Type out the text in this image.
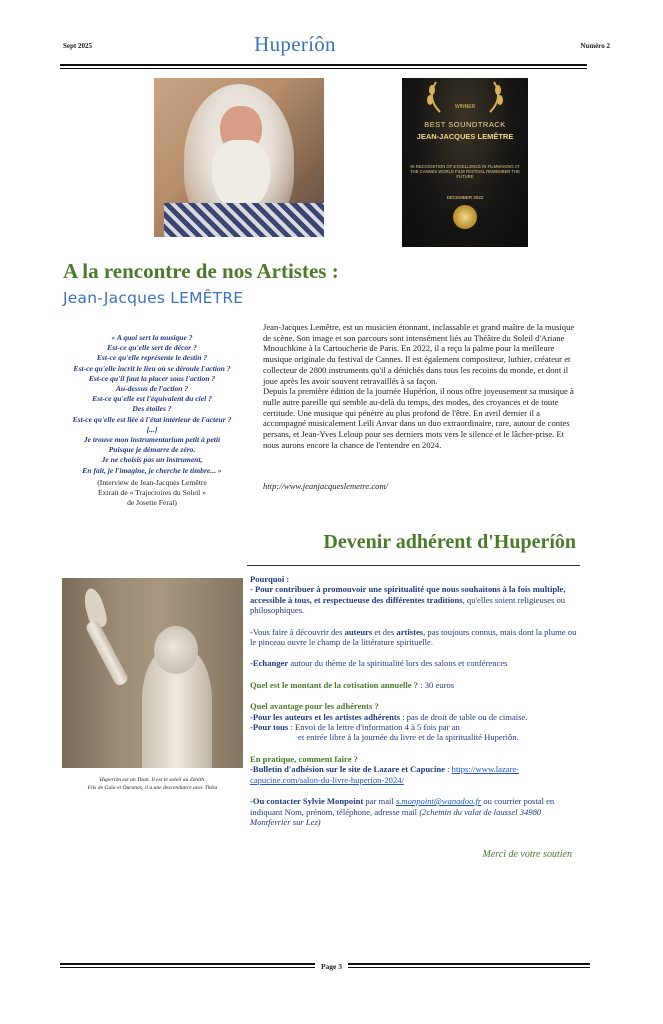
Sept 2025	Huperíôn	Numéro 2
WINNER
BEST SOUNDTRACK
JEAN-JACQUES LEMÊTRE
IN RECOGNITION OF EXCELLENCE IN FILMMAKING AT THE CANNES WORLD FILM FESTIVAL REMEMBER THE FUTURE
DECEMBER 2022
A la rencontre de nos Artistes :
Jean-Jacques LEMÊTRE
« A quoi sert la musique ?
Est-ce qu'elle sert de décor ?
Est-ce qu'elle représente le destin ?
Est-ce qu'elle incrit le lieu où se déroule l'action ?
Est-ce qu'il faut la placer sous l'action ?
Au-dessus de l'action ?
Est-ce qu'elle est l'équivalent du ciel ?
Des étoiles ?
Est-ce qu'elle est liée à l'état intérieur de l'acteur ?
[...]
Je trouve mon instrumentarium petit à petit
Puisque je démarre de zéro.
Je ne choisis pas un instrument,
En fait, je l'imagine, je cherche le timbre... »
(Interview de Jean-Jacques Lemêtre
Extrait de « Trajectoires du Soleil »
de Josette Feral)

Jean-Jacques Lemêtre, est un musicien étonnant, inclassable et grand maître de la musique de scène. Son image et son parcours sont intensément liés au Théâtre du Soleil d'Ariane Mnouchkine à la Cartoucherie de Paris. En 2022, il a reçu la palme pour la meilleure musique originale du festival de Cannes. Il est également compositeur, luthier, créateur et collecteur de 2800 instruments qu'il a dénichés dans tous les recoins du monde, et dont il joue après les avoir souvent retravaillés à sa façon.

Depuis la première édition de la journée Hupérîon, il nous offre joyeusement sa musique à nulle autre pareille qui semble au-delà du temps, des modes, des croyances et de toute certitude. Une musique qui pénètre au plus profond de l'être. En avril dernier il a accompagné musicalement Leïli Anvar dans un duo extraordinaire, rare, autour de contes persans, et Jean-Yves Leloup pour ses derniers mots vers le silence et le lâcher-prise. Et nous aurons encore la chance de l'entendre en 2024.

http://www.jeanjacqueslemetre.com/
Devenir adhérent d'Huperíôn
Huperiôn est un Titan. Il est le soleil au Zénith.
Fils de Gaïa et Ouranos, il a une descendance avec Théia

Pourquoi :

- Pour contribuer à promouvoir une spiritualité que nous souhaitons à la fois multiple, accessible à tous, et respectueuse des différentes traditions, qu'elles soient religieuses ou philosophiques.

-Vous faire à découvrir des auteurs et des artistes, pas toujours connus, mais dont la plume ou le pinceau ouvre le champ de la littérature spirituelle.

-Echanger autour du thème de la spiritualité lors des salons et conférences

Quel est le montant de la cotisation annuelle ? : 30 euros

Quel avantage pour les adhérents ?

-Pour les auteurs et les artistes adhérents : pas de droit de table ou de cimaise.

-Pour tous : Envoi de la lettre d'information 4 à 5 fois par an

et entrée libre à la journée du livre et de la spiritualité Huperiôn.

En pratique, comment faire ?

-Bulletin d'adhésion sur le site de Lazare et Capucine : https://www.lazare-capucine.com/salon-du-livre-huperion-2024/

-Ou contacter Sylvie Monpoint par mail s.monpoint@wanadoo.fr ou courrier postal en indiquant Nom, prénom, téléphone, adresse mail (2chemin du valat de laussel 34980 Montferrier sur Lez)

Merci de votre soutien
Page 3
